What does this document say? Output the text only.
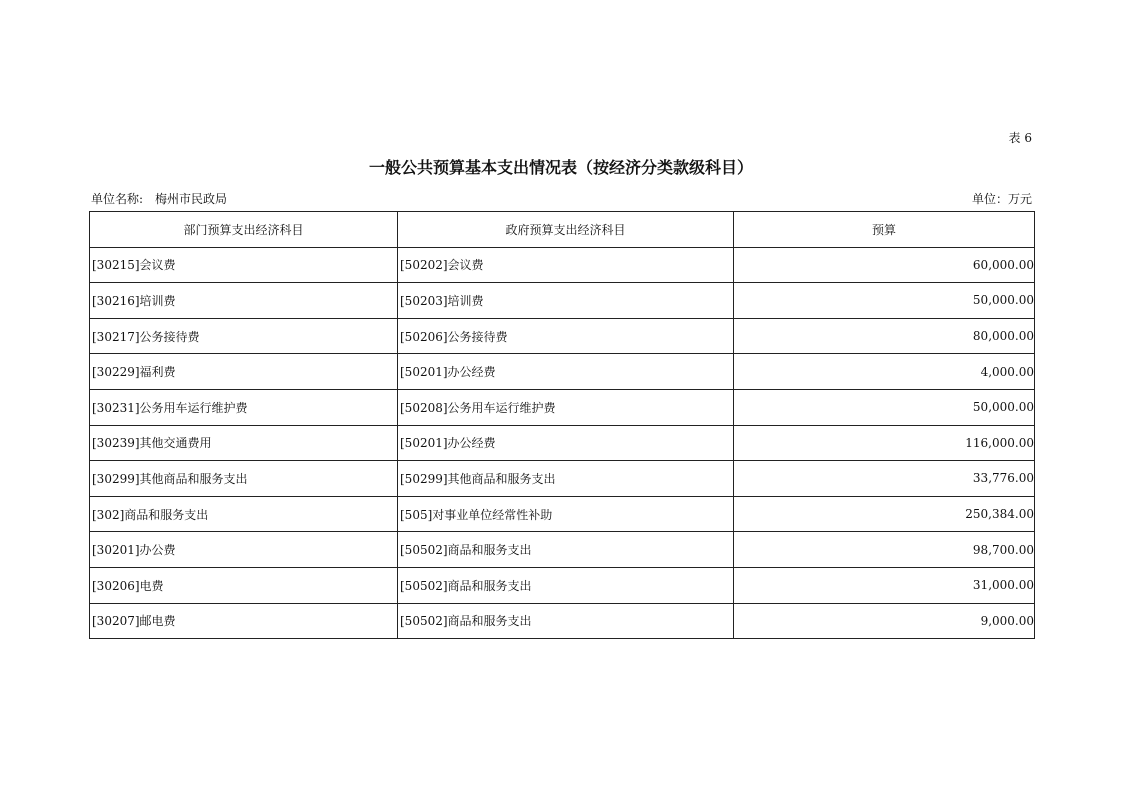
表 6
一般公共预算基本支出情况表（按经济分类款级科目）
单位名称: 梅州市民政局	单位：万元
部门预算支出经济科目	政府预算支出经济科目	预算
[30215]会议费	[50202]会议费	60,000.00
[30216]培训费	[50203]培训费	50,000.00
[30217]公务接待费	[50206]公务接待费	80,000.00
[30229]福利费	[50201]办公经费	4,000.00
[30231]公务用车运行维护费	[50208]公务用车运行维护费	50,000.00
[30239]其他交通费用	[50201]办公经费	116,000.00
[30299]其他商品和服务支出	[50299]其他商品和服务支出	33,776.00
[302]商品和服务支出	[505]对事业单位经常性补助	250,384.00
[30201]办公费	[50502]商品和服务支出	98,700.00
[30206]电费	[50502]商品和服务支出	31,000.00
[30207]邮电费	[50502]商品和服务支出	9,000.00
